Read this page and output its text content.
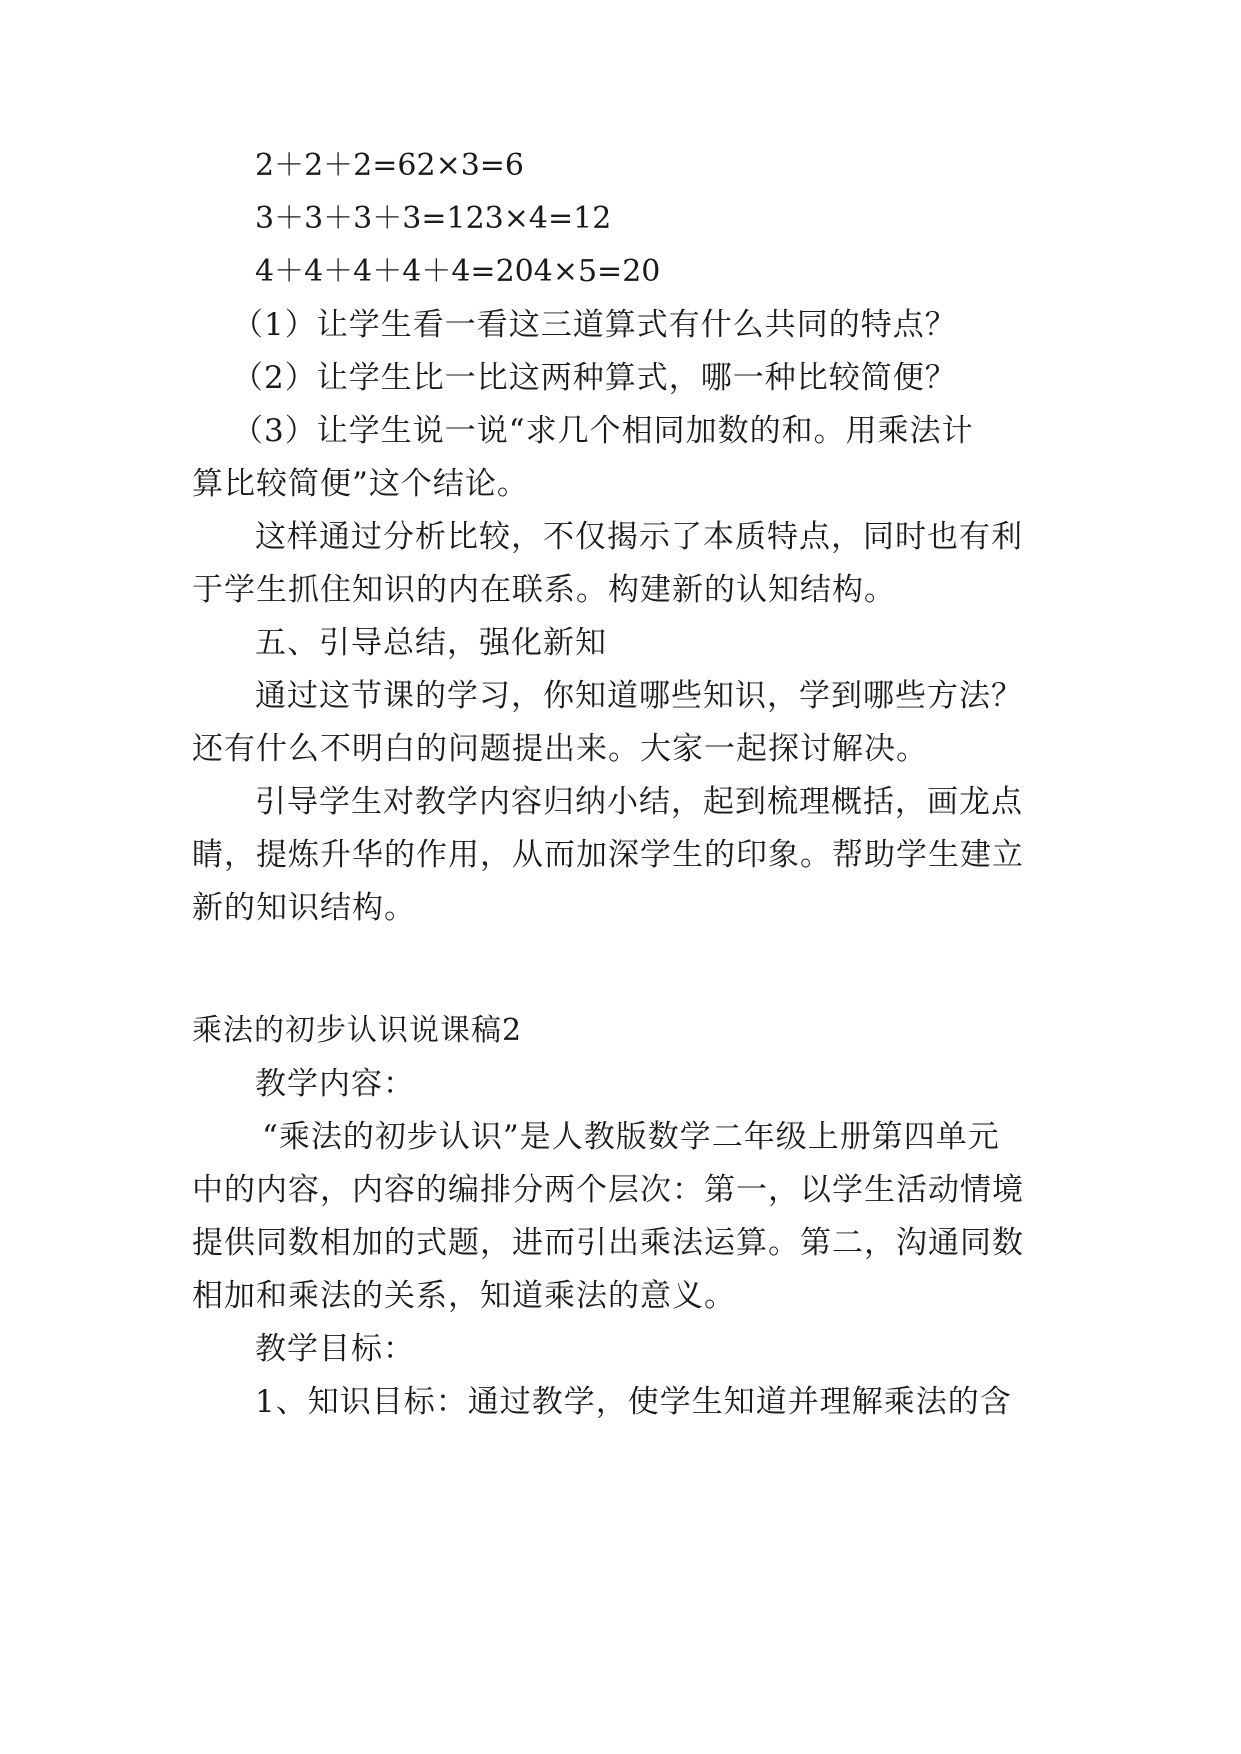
2＋2＋2=62×3=6
3＋3＋3＋3=123×4=12
4＋4＋4＋4＋4=204×5=20
（1）让学生看一看这三道算式有什么共同的特点？
（2）让学生比一比这两种算式，哪一种比较简便？
（3）让学生说一说“求几个相同加数的和。用乘法计
算比较简便”这个结论。
这样通过分析比较，不仅揭示了本质特点，同时也有利
于学生抓住知识的内在联系。构建新的认知结构。
五、引导总结，强化新知
通过这节课的学习，你知道哪些知识，学到哪些方法？
还有什么不明白的问题提出来。大家一起探讨解决。
引导学生对教学内容归纳小结，起到梳理概括，画龙点
睛，提炼升华的作用，从而加深学生的印象。帮助学生建立
新的知识结构。
乘法的初步认识说课稿2
教学内容：
“乘法的初步认识”是人教版数学二年级上册第四单元
中的内容，内容的编排分两个层次：第一，以学生活动情境
提供同数相加的式题，进而引出乘法运算。第二，沟通同数
相加和乘法的关系，知道乘法的意义。
教学目标：
1、知识目标：通过教学，使学生知道并理解乘法的含
